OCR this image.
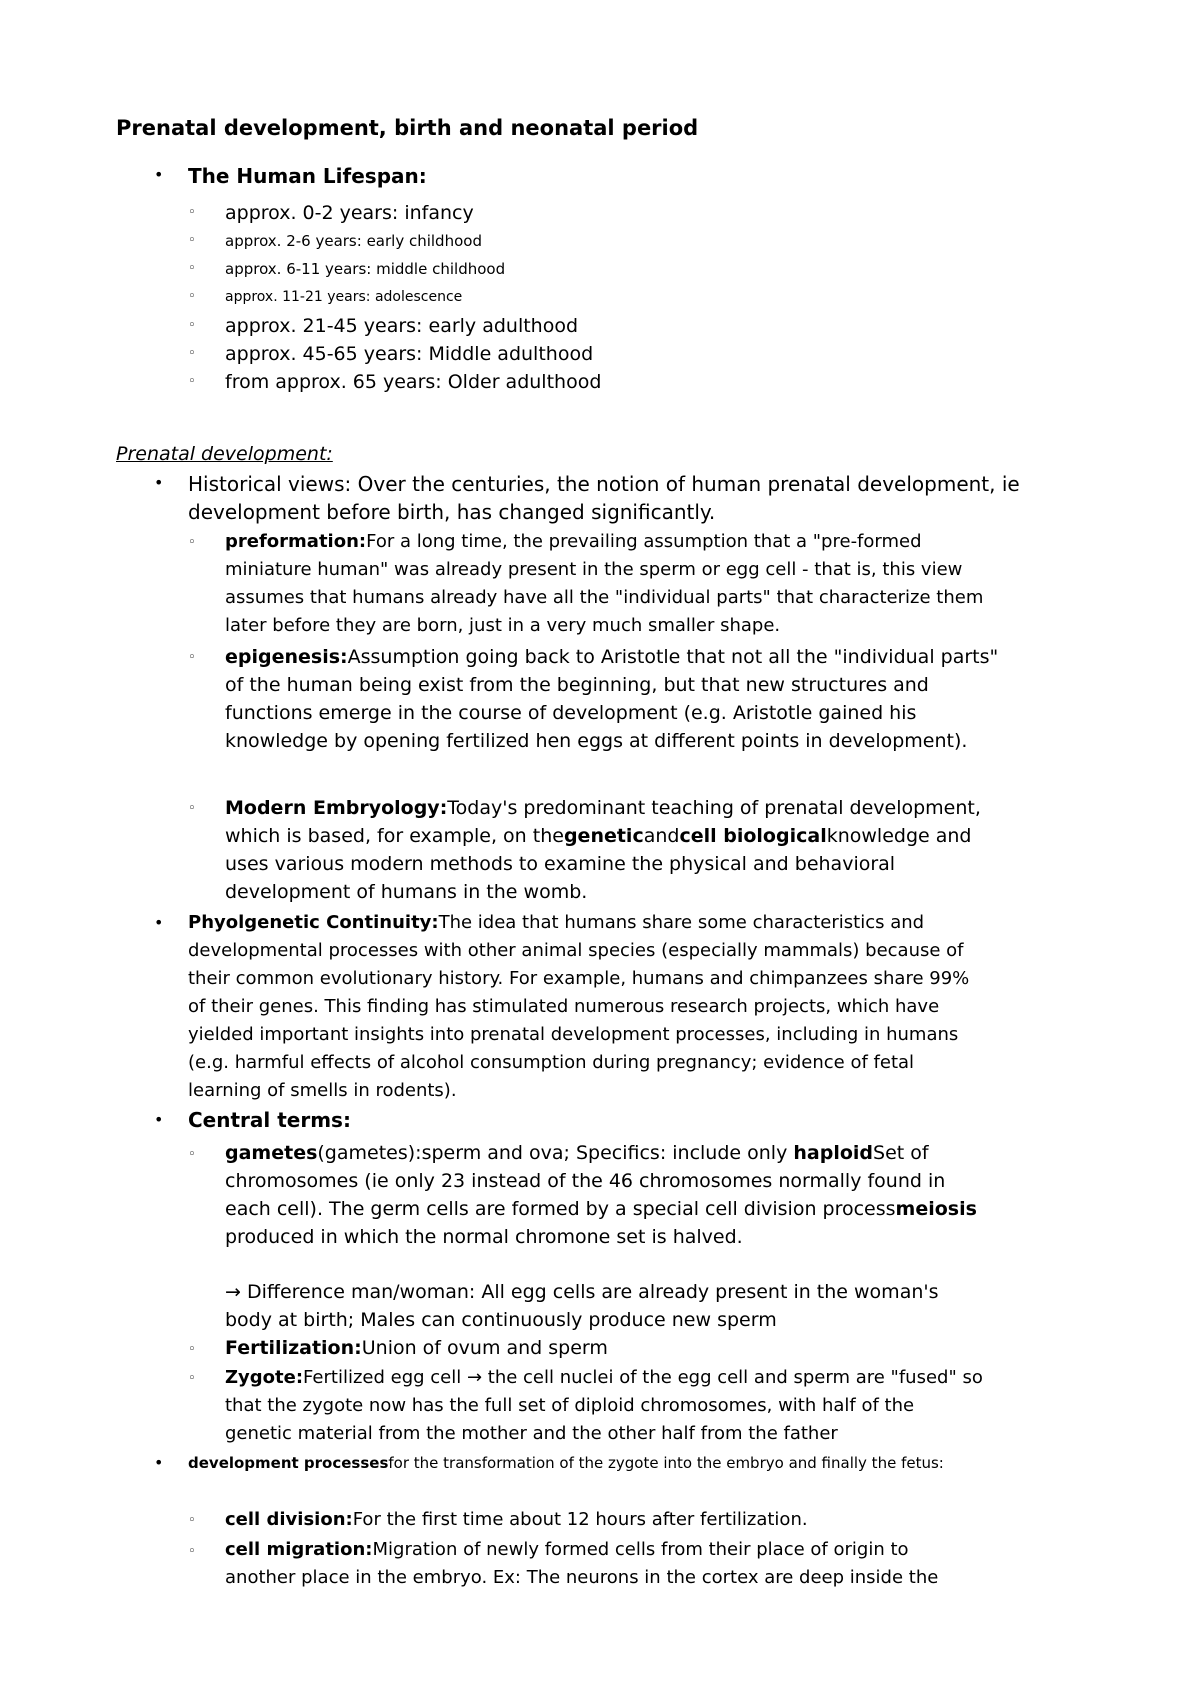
Prenatal development, birth and neonatal period
• The Human Lifespan:
◦ approx. 0-2 years: infancy
◦ approx. 2-6 years: early childhood
◦ approx. 6-11 years: middle childhood
◦ approx. 11-21 years: adolescence
◦ approx. 21-45 years: early adulthood
◦ approx. 45-65 years: Middle adulthood
◦ from approx. 65 years: Older adulthood
Prenatal development:
• Historical views: Over the centuries, the notion of human prenatal development, ie
development before birth, has changed significantly.
◦ preformation:For a long time, the prevailing assumption that a "pre-formed
miniature human" was already present in the sperm or egg cell - that is, this view
assumes that humans already have all the "individual parts" that characterize them
later before they are born, just in a very much smaller shape.
◦ epigenesis:Assumption going back to Aristotle that not all the "individual parts"
of the human being exist from the beginning, but that new structures and
functions emerge in the course of development (e.g. Aristotle gained his
knowledge by opening fertilized hen eggs at different points in development).
◦ Modern Embryology:Today's predominant teaching of prenatal development,
which is based, for example, on thegeneticandcell biologicalknowledge and
uses various modern methods to examine the physical and behavioral
development of humans in the womb.
• Phyolgenetic Continuity:The idea that humans share some characteristics and
developmental processes with other animal species (especially mammals) because of
their common evolutionary history. For example, humans and chimpanzees share 99%
of their genes. This finding has stimulated numerous research projects, which have
yielded important insights into prenatal development processes, including in humans
(e.g. harmful effects of alcohol consumption during pregnancy; evidence of fetal
learning of smells in rodents).
• Central terms:
◦ gametes(gametes):sperm and ova; Specifics: include only haploidSet of
chromosomes (ie only 23 instead of the 46 chromosomes normally found in
each cell). The germ cells are formed by a special cell division processmeiosis
produced in which the normal chromone set is halved.
→ Difference man/woman: All egg cells are already present in the woman's
body at birth; Males can continuously produce new sperm
◦ Fertilization:Union of ovum and sperm
◦ Zygote:Fertilized egg cell → the cell nuclei of the egg cell and sperm are "fused" so
that the zygote now has the full set of diploid chromosomes, with half of the
genetic material from the mother and the other half from the father
• development processesfor the transformation of the zygote into the embryo and finally the fetus:
◦ cell division:For the first time about 12 hours after fertilization.
◦ cell migration:Migration of newly formed cells from their place of origin to
another place in the embryo. Ex: The neurons in the cortex are deep inside the
